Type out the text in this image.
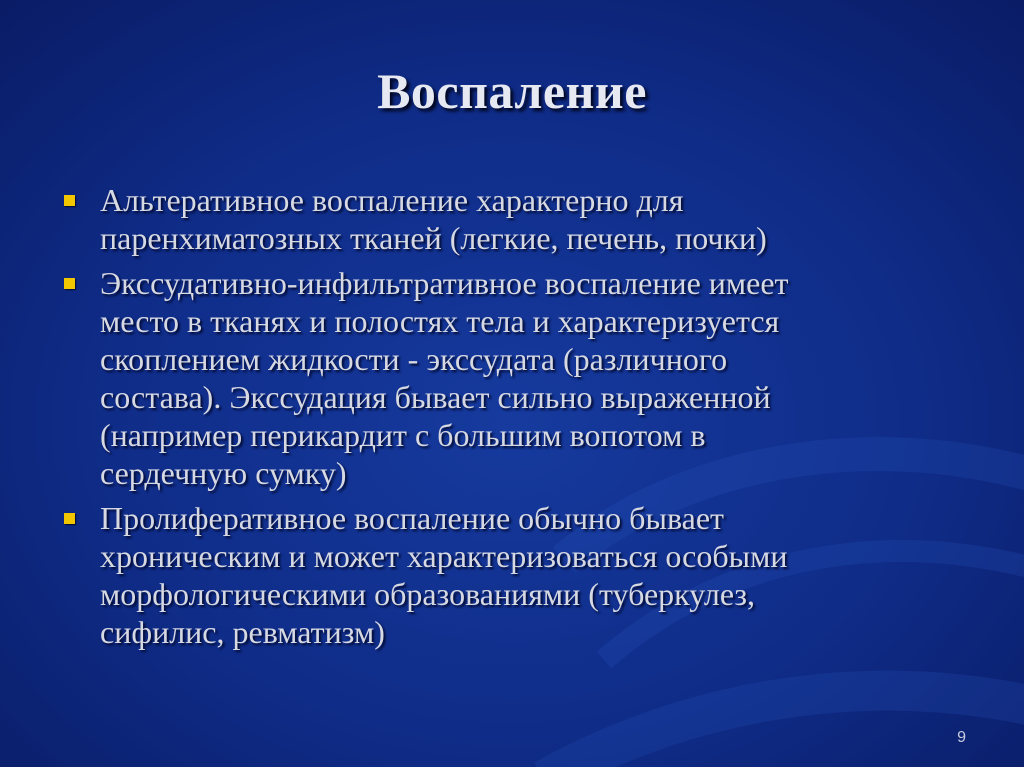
Воспаление
Альтеративное воспаление характерно для
паренхиматозных тканей (легкие, печень, почки)
Экссудативно-инфильтративное воспаление имеет
место в тканях и полостях тела и характеризуется
скоплением жидкости - экссудата (различного
состава). Экссудация бывает сильно выраженной
(например перикардит с большим вопотом в
сердечную сумку)
Пролиферативное воспаление обычно бывает
хроническим и может характеризоваться особыми
морфологическими образованиями (туберкулез,
сифилис, ревматизм)
9
